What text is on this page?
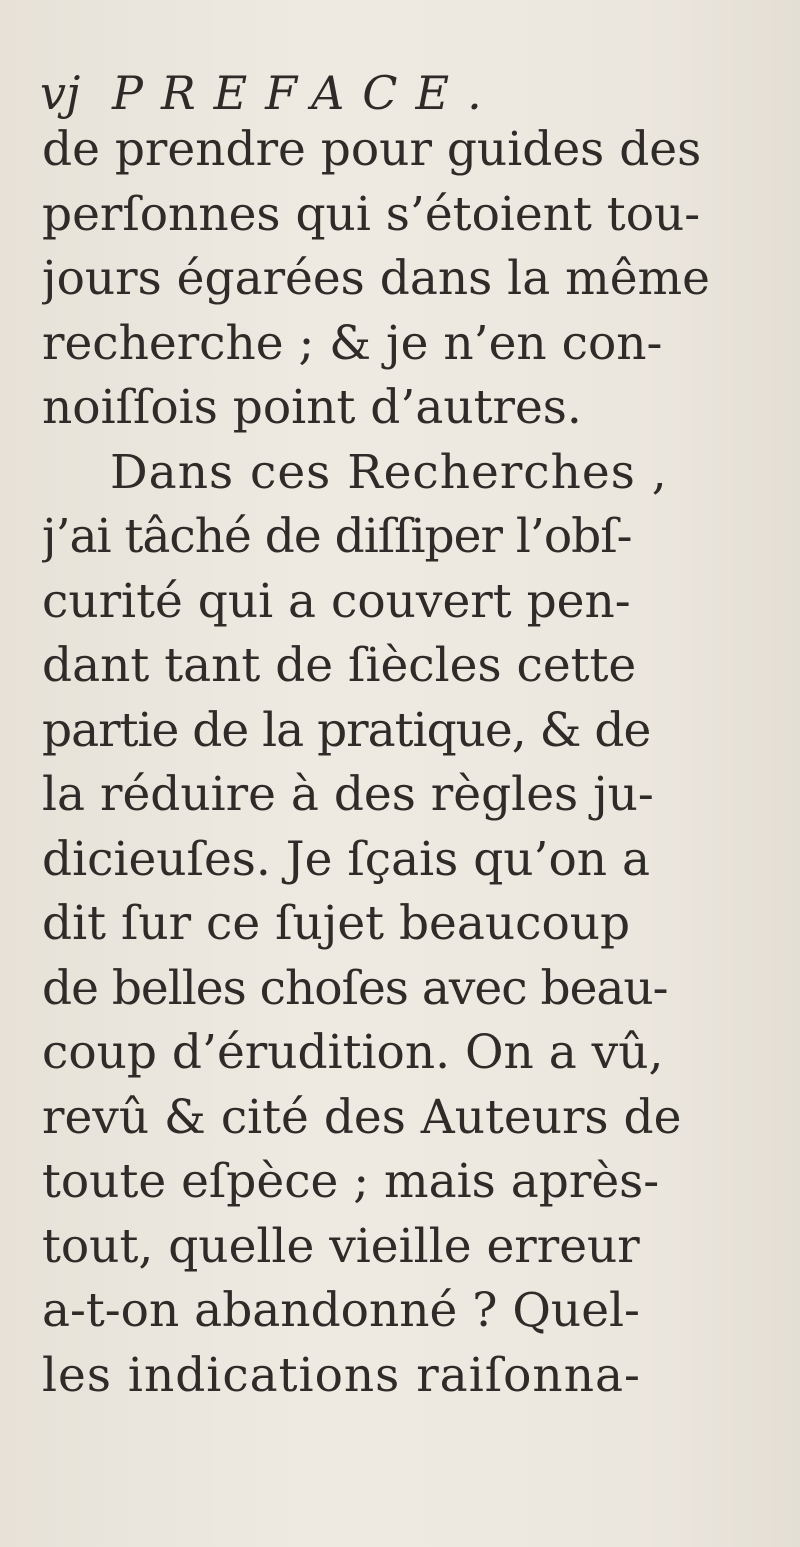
vj PREFACE.
de prendre pour guides des
perſonnes qui s’étoient tou-
jours égarées dans la même
recherche ; & je n’en con-
noiſſois point d’autres.
Dans ces Recherches ,
j’ai tâché de diſſiper l’obſ-
curité qui a couvert pen-
dant tant de ſiècles cette
partie de la pratique, & de
la réduire à des règles ju-
dicieuſes. Je ſçais qu’on a
dit ſur ce ſujet beaucoup
de belles choſes avec beau-
coup d’érudition. On a vû,
revû & cité des Auteurs de
toute eſpèce ; mais après-
tout, quelle vieille erreur
a-t-on abandonné ? Quel-
les indications raiſonna-
